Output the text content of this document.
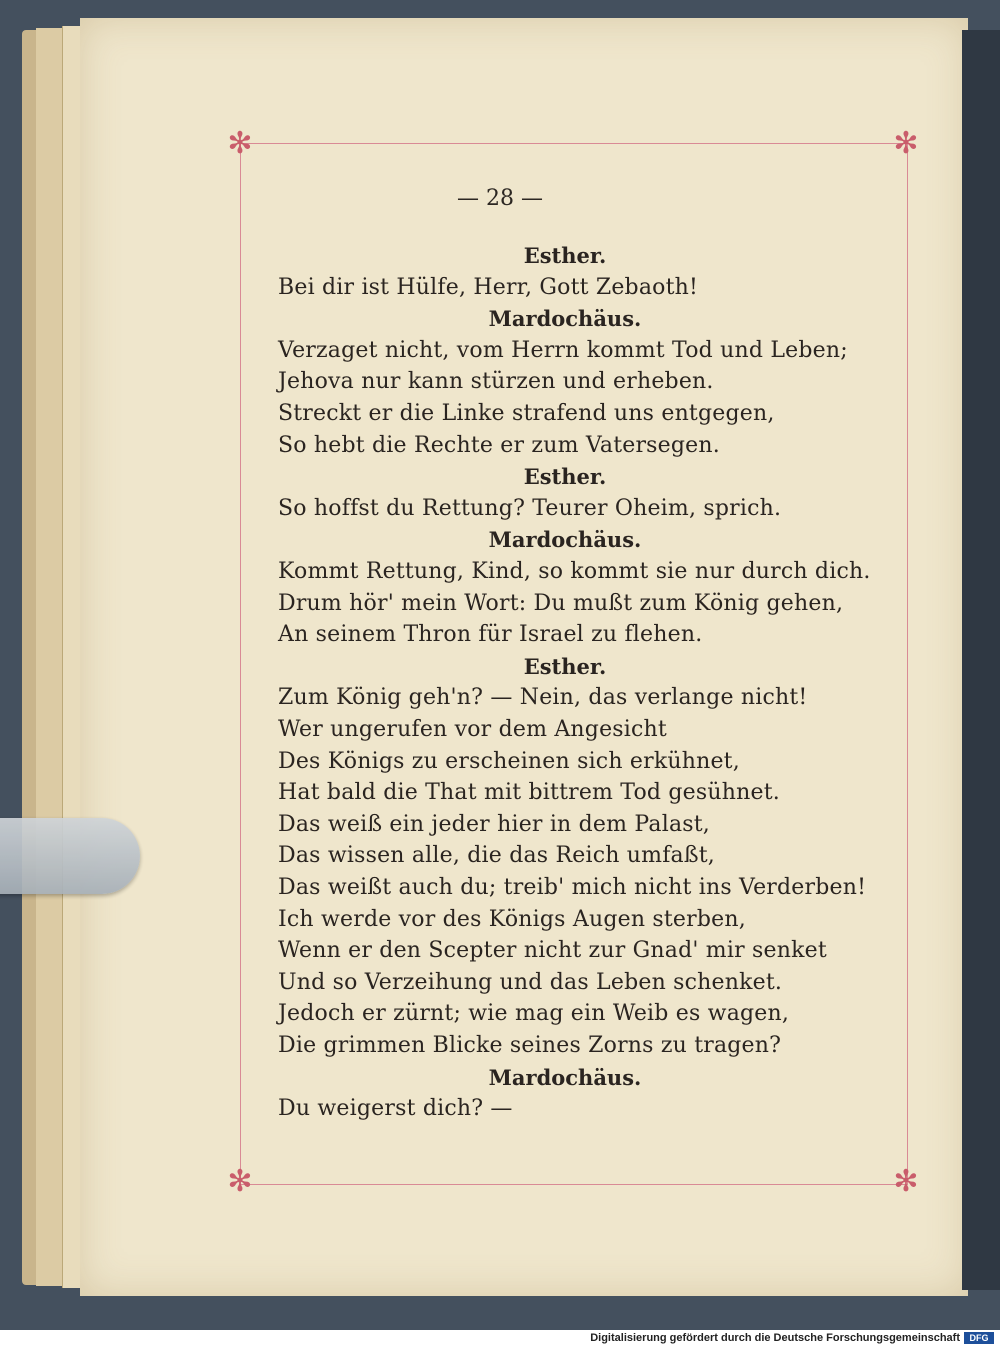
✻	✻
✻	✻
— 28 —
Esther.
Bei dir ist Hülfe, Herr, Gott Zebaoth!
Mardochäus.
Verzaget nicht, vom Herrn kommt Tod und Leben;
Jehova nur kann stürzen und erheben.
Streckt er die Linke strafend uns entgegen,
So hebt die Rechte er zum Vatersegen.
Esther.
So hoffst du Rettung? Teurer Oheim, sprich.
Mardochäus.
Kommt Rettung, Kind, so kommt sie nur durch dich.
Drum hör' mein Wort: Du mußt zum König gehen,
An seinem Thron für Israel zu flehen.
Esther.
Zum König geh'n? — Nein, das verlange nicht!
Wer ungerufen vor dem Angesicht
Des Königs zu erscheinen sich erkühnet,
Hat bald die That mit bittrem Tod gesühnet.
Das weiß ein jeder hier in dem Palast,
Das wissen alle, die das Reich umfaßt,
Das weißt auch du; treib' mich nicht ins Verderben!
Ich werde vor des Königs Augen sterben,
Wenn er den Scepter nicht zur Gnad' mir senket
Und so Verzeihung und das Leben schenket.
Jedoch er zürnt; wie mag ein Weib es wagen,
Die grimmen Blicke seines Zorns zu tragen?
Mardochäus.
Du weigerst dich? —
Digitalisierung gefördert durch die Deutsche Forschungsgemeinschaft	DFG
